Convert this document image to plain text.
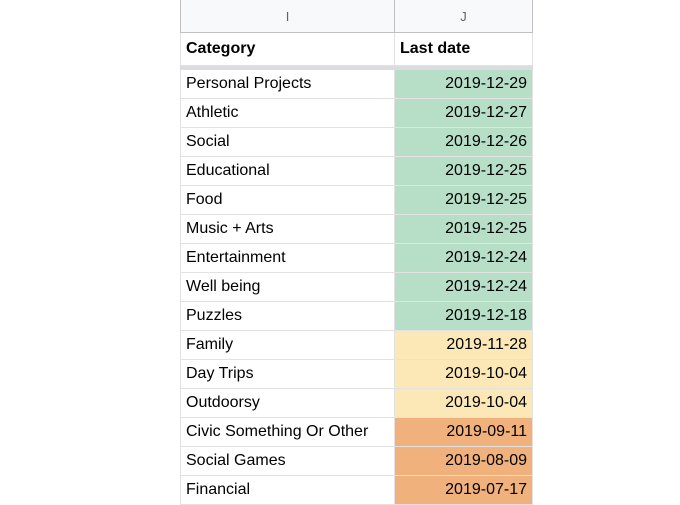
I	J
Category	Last date
Personal Projects	2019-12-29
Athletic	2019-12-27
Social	2019-12-26
Educational	2019-12-25
Food	2019-12-25
Music + Arts	2019-12-25
Entertainment	2019-12-24
Well being	2019-12-24
Puzzles	2019-12-18
Family	2019-11-28
Day Trips	2019-10-04
Outdoorsy	2019-10-04
Civic Something Or Other	2019-09-11
Social Games	2019-08-09
Financial	2019-07-17
